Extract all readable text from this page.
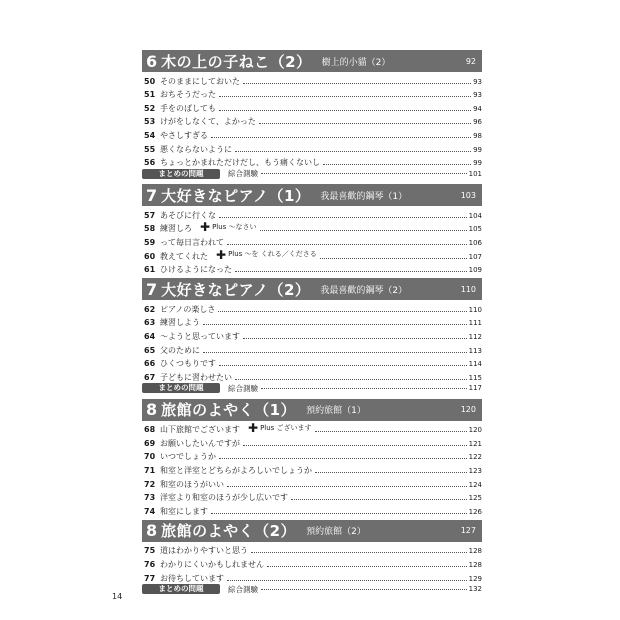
6 木の上の子ねこ（2） 樹上的小貓（2）	92
50 そのままにしておいた	93
51 おちそうだった	93
52 手をのばしても	94
53 けがをしなくて、よかった	96
54 やさしすぎる	98
55 悪くならないように	99
56 ちょっとかまれただけだし、もう痛くないし	99
まとめの問題	綜合測驗	101
7 大好きなピアノ（1） 我最喜歡的鋼琴（1）	103
57 あそびに行くな	104
58 練習しろ ✚ Plus ～なさい	105
59 って毎日言われて	106
60 教えてくれた ✚ Plus ～を くれる／くださる	107
61 ひけるようになった	109
7 大好きなピアノ（2） 我最喜歡的鋼琴（2）	110
62 ピアノの楽しさ	110
63 練習しよう	111
64 ～ようと思っています	112
65 父のために	113
66 ひくつもりです	114
67 子どもに習わせたい	115
まとめの問題	綜合測驗	117
8 旅館のよやく（1） 預約旅館（1）	120
68 山下旅館でございます ✚ Plus ございます	120
69 お願いしたいんですが	121
70 いつでしょうか	122
71 和室と洋室とどちらがよろしいでしょうか	123
72 和室のほうがいい	124
73 洋室より和室のほうが少し広いです	125
74 和室にします	126
8 旅館のよやく（2） 預約旅館（2）	127
75 道はわかりやすいと思う	128
76 わかりにくいかもしれません	128
77 お待ちしています	129
まとめの問題	綜合測驗	132
14
